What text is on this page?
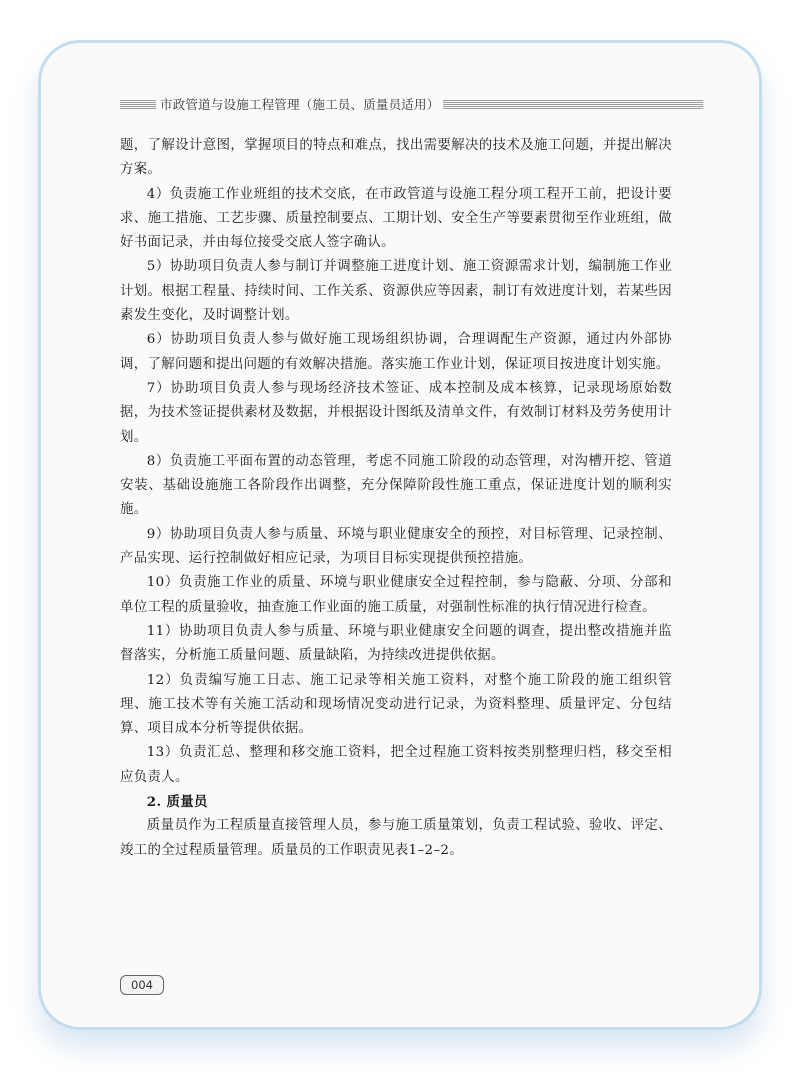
市政管道与设施工程管理（施工员、质量员适用）

题，了解设计意图，掌握项目的特点和难点，找出需要解决的技术及施工问题，并提出解决方案。

4）负责施工作业班组的技术交底，在市政管道与设施工程分项工程开工前，把设计要求、施工措施、工艺步骤、质量控制要点、工期计划、安全生产等要素贯彻至作业班组，做好书面记录，并由每位接受交底人签字确认。

5）协助项目负责人参与制订并调整施工进度计划、施工资源需求计划，编制施工作业计划。根据工程量、持续时间、工作关系、资源供应等因素，制订有效进度计划，若某些因素发生变化，及时调整计划。

6）协助项目负责人参与做好施工现场组织协调，合理调配生产资源，通过内外部协调，了解问题和提出问题的有效解决措施。落实施工作业计划，保证项目按进度计划实施。

7）协助项目负责人参与现场经济技术签证、成本控制及成本核算，记录现场原始数据，为技术签证提供素材及数据，并根据设计图纸及清单文件，有效制订材料及劳务使用计划。

8）负责施工平面布置的动态管理，考虑不同施工阶段的动态管理，对沟槽开挖、管道安装、基础设施施工各阶段作出调整，充分保障阶段性施工重点，保证进度计划的顺利实施。

9）协助项目负责人参与质量、环境与职业健康安全的预控，对目标管理、记录控制、产品实现、运行控制做好相应记录，为项目目标实现提供预控措施。

10）负责施工作业的质量、环境与职业健康安全过程控制，参与隐蔽、分项、分部和单位工程的质量验收，抽查施工作业面的施工质量，对强制性标准的执行情况进行检查。

11）协助项目负责人参与质量、环境与职业健康安全问题的调查，提出整改措施并监督落实，分析施工质量问题、质量缺陷，为持续改进提供依据。

12）负责编写施工日志、施工记录等相关施工资料，对整个施工阶段的施工组织管理、施工技术等有关施工活动和现场情况变动进行记录，为资料整理、质量评定、分包结算、项目成本分析等提供依据。

13）负责汇总、整理和移交施工资料，把全过程施工资料按类别整理归档，移交至相应负责人。

2. 质量员

质量员作为工程质量直接管理人员，参与施工质量策划，负责工程试验、验收、评定、竣工的全过程质量管理。质量员的工作职责见表1–2–2。

004
